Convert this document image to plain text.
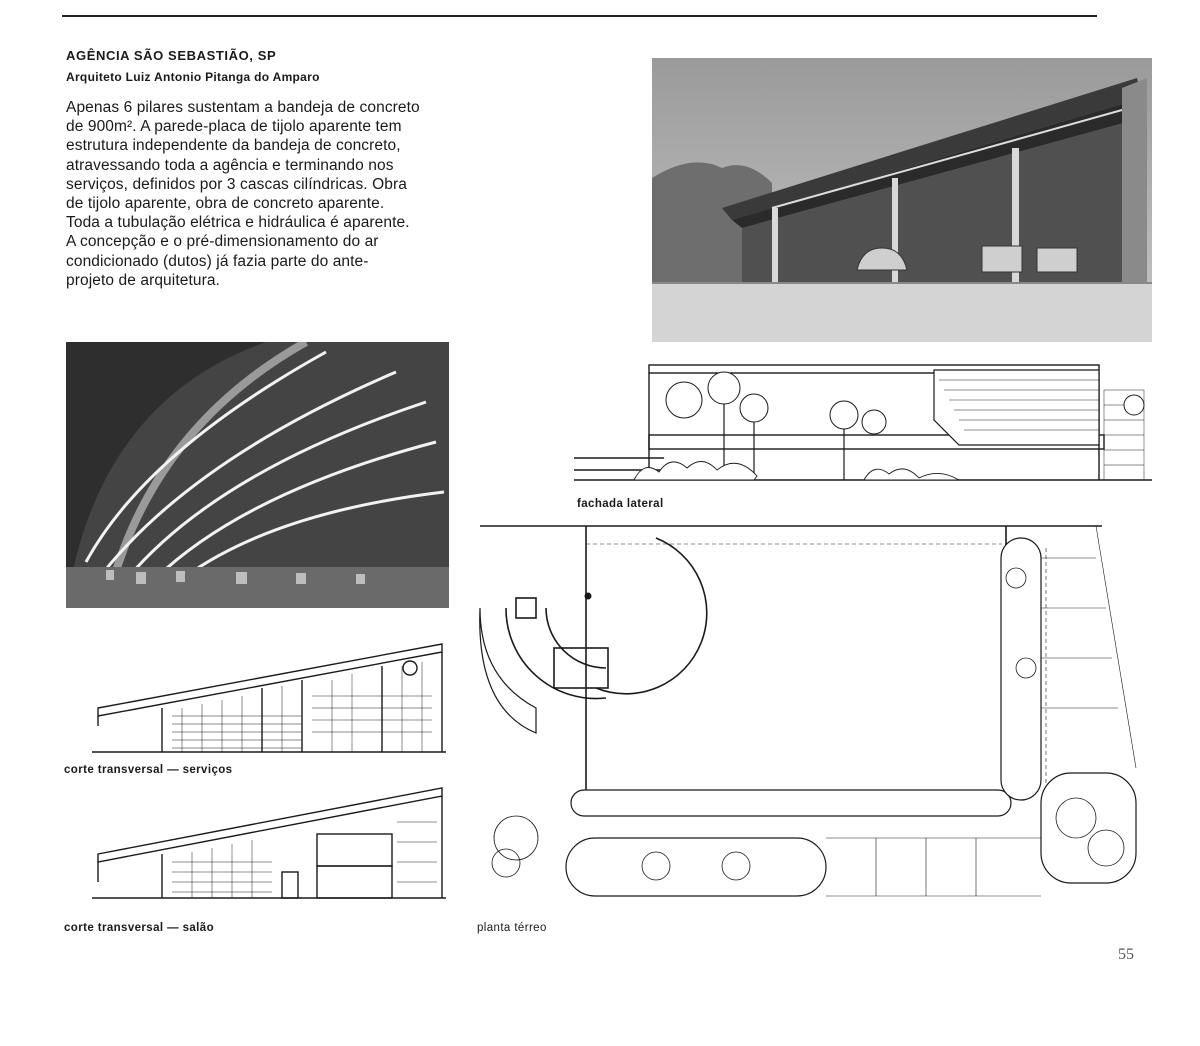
AGÊNCIA SÃO SEBASTIÃO, SP

Arquiteto Luiz Antonio Pitanga do Amparo

Apenas 6 pilares sustentam a bandeja de concreto
de 900m². A parede-placa de tijolo aparente tem
estrutura independente da bandeja de concreto,
atravessando toda a agência e terminando nos
serviços, definidos por 3 cascas cilíndricas. Obra
de tijolo aparente, obra de concreto aparente.
Toda a tubulação elétrica e hidráulica é aparente.
A concepção e o pré-dimensionamento do ar
condicionado (dutos) já fazia parte do ante-
projeto de arquitetura.

fachada lateral

corte transversal — serviços

corte transversal — salão	planta térreo

55
